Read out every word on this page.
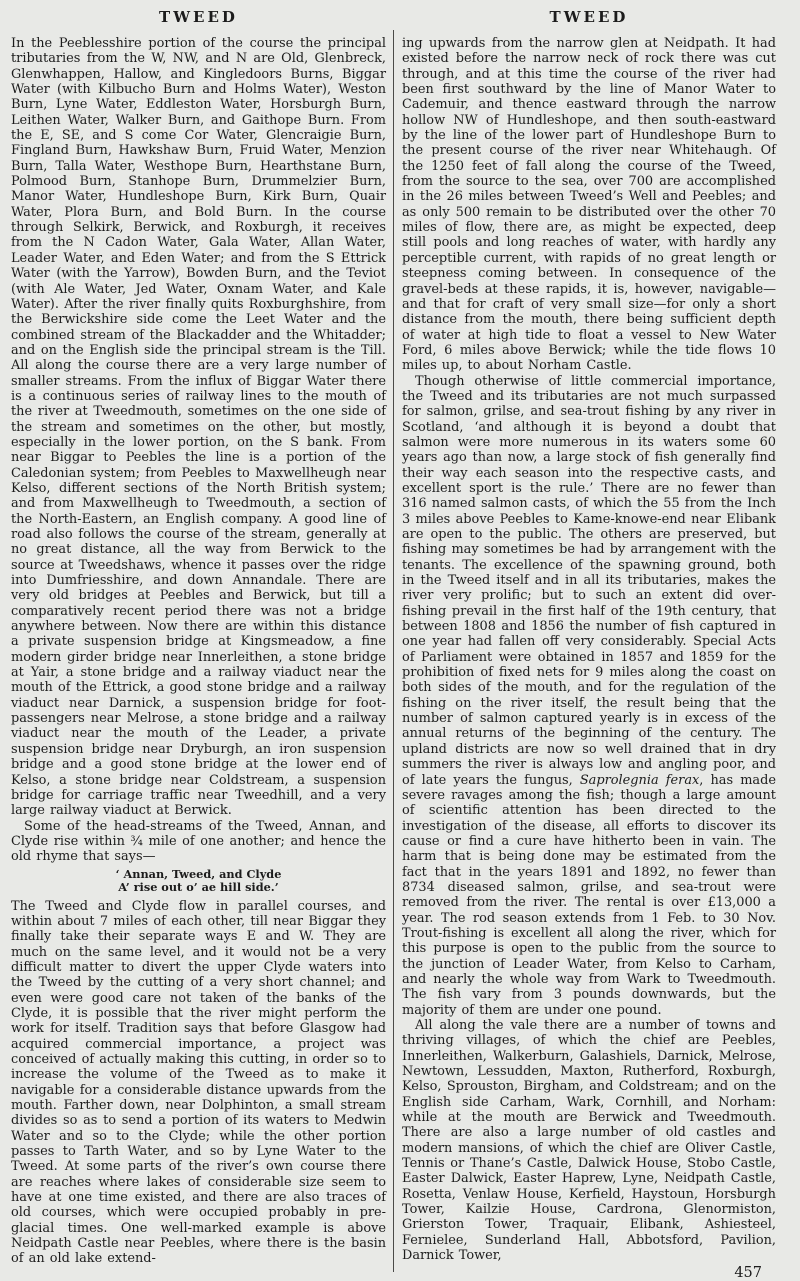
TWEED

In the Peeblesshire portion of the course the principal tributaries from the W, NW, and N are Old, Glenbreck, Glenwhappen, Hallow, and Kingledoors Burns, Biggar Water (with Kilbucho Burn and Holms Water), Weston Burn, Lyne Water, Eddleston Water, Horsburgh Burn, Leithen Water, Walker Burn, and Gaithope Burn. From the E, SE, and S come Cor Water, Glencraigie Burn, Fingland Burn, Hawkshaw Burn, Fruid Water, Menzion Burn, Talla Water, Westhope Burn, Hearthstane Burn, Polmood Burn, Stanhope Burn, Drummelzier Burn, Manor Water, Hundleshope Burn, Kirk Burn, Quair Water, Plora Burn, and Bold Burn. In the course through Selkirk, Berwick, and Roxburgh, it receives from the N Cadon Water, Gala Water, Allan Water, Leader Water, and Eden Water; and from the S Ettrick Water (with the Yarrow), Bowden Burn, and the Teviot (with Ale Water, Jed Water, Oxnam Water, and Kale Water). After the river finally quits Roxburghshire, from the Berwickshire side come the Leet Water and the combined stream of the Blackadder and the Whitadder; and on the English side the principal stream is the Till. All along the course there are a very large number of smaller streams. From the influx of Biggar Water there is a continuous series of railway lines to the mouth of the river at Tweedmouth, sometimes on the one side of the stream and sometimes on the other, but mostly, especially in the lower portion, on the S bank. From near Biggar to Peebles the line is a portion of the Caledonian system; from Peebles to Maxwellheugh near Kelso, different sections of the North British system; and from Maxwellheugh to Tweedmouth, a section of the North-Eastern, an English company. A good line of road also follows the course of the stream, generally at no great distance, all the way from Berwick to the source at Tweedshaws, whence it passes over the ridge into Dumfriesshire, and down Annandale. There are very old bridges at Peebles and Berwick, but till a comparatively recent period there was not a bridge anywhere between. Now there are within this distance a private suspension bridge at Kingsmeadow, a fine modern girder bridge near Innerleithen, a stone bridge at Yair, a stone bridge and a railway viaduct near the mouth of the Ettrick, a good stone bridge and a railway viaduct near Darnick, a suspension bridge for foot-passengers near Melrose, a stone bridge and a railway viaduct near the mouth of the Leader, a private suspension bridge near Dryburgh, an iron suspension bridge and a good stone bridge at the lower end of Kelso, a stone bridge near Coldstream, a suspension bridge for carriage traffic near Tweedhill, and a very large railway viaduct at Berwick.

Some of the head-streams of the Tweed, Annan, and Clyde rise within ¾ mile of one another; and hence the old rhyme that says—

‘ Annan, Tweed, and Clyde
A’ rise out o’ ae hill side.’

The Tweed and Clyde flow in parallel courses, and within about 7 miles of each other, till near Biggar they finally take their separate ways E and W. They are much on the same level, and it would not be a very difficult matter to divert the upper Clyde waters into the Tweed by the cutting of a very short channel; and even were good care not taken of the banks of the Clyde, it is possible that the river might perform the work for itself. Tradition says that before Glasgow had acquired commercial importance, a project was conceived of actually making this cutting, in order so to increase the volume of the Tweed as to make it navigable for a considerable distance upwards from the mouth. Farther down, near Dolphinton, a small stream divides so as to send a portion of its waters to Medwin Water and so to the Clyde; while the other portion passes to Tarth Water, and so by Lyne Water to the Tweed. At some parts of the river’s own course there are reaches where lakes of considerable size seem to have at one time existed, and there are also traces of old courses, which were occupied probably in pre-glacial times. One well-marked example is above Neidpath Castle near Peebles, where there is the basin of an old lake extend-

TWEED

ing upwards from the narrow glen at Neidpath. It had existed before the narrow neck of rock there was cut through, and at this time the course of the river had been first southward by the line of Manor Water to Cademuir, and thence eastward through the narrow hollow NW of Hundleshope, and then south-eastward by the line of the lower part of Hundleshope Burn to the present course of the river near Whitehaugh. Of the 1250 feet of fall along the course of the Tweed, from the source to the sea, over 700 are accomplished in the 26 miles between Tweed’s Well and Peebles; and as only 500 remain to be distributed over the other 70 miles of flow, there are, as might be expected, deep still pools and long reaches of water, with hardly any perceptible current, with rapids of no great length or steepness coming between. In consequence of the gravel-beds at these rapids, it is, however, navigable—and that for craft of very small size—for only a short distance from the mouth, there being sufficient depth of water at high tide to float a vessel to New Water Ford, 6 miles above Berwick; while the tide flows 10 miles up, to about Norham Castle.

Though otherwise of little commercial importance, the Tweed and its tributaries are not much surpassed for salmon, grilse, and sea-trout fishing by any river in Scotland, ‘and although it is beyond a doubt that salmon were more numerous in its waters some 60 years ago than now, a large stock of fish generally find their way each season into the respective casts, and excellent sport is the rule.’ There are no fewer than 316 named salmon casts, of which the 55 from the Inch 3 miles above Peebles to Kame-knowe-end near Elibank are open to the public. The others are preserved, but fishing may sometimes be had by arrangement with the tenants. The excellence of the spawning ground, both in the Tweed itself and in all its tributaries, makes the river very prolific; but to such an extent did over-fishing prevail in the first half of the 19th century, that between 1808 and 1856 the number of fish captured in one year had fallen off very considerably. Special Acts of Parliament were obtained in 1857 and 1859 for the prohibition of fixed nets for 9 miles along the coast on both sides of the mouth, and for the regulation of the fishing on the river itself, the result being that the number of salmon captured yearly is in excess of the annual returns of the beginning of the century. The upland districts are now so well drained that in dry summers the river is always low and angling poor, and of late years the fungus, Saprolegnia ferax, has made severe ravages among the fish; though a large amount of scientific attention has been directed to the investigation of the disease, all efforts to discover its cause or find a cure have hitherto been in vain. The harm that is being done may be estimated from the fact that in the years 1891 and 1892, no fewer than 8734 diseased salmon, grilse, and sea-trout were removed from the river. The rental is over £13,000 a year. The rod season extends from 1 Feb. to 30 Nov. Trout-fishing is excellent all along the river, which for this purpose is open to the public from the source to the junction of Leader Water, from Kelso to Carham, and nearly the whole way from Wark to Tweedmouth. The fish vary from 3 pounds downwards, but the majority of them are under one pound.

All along the vale there are a number of towns and thriving villages, of which the chief are Peebles, Innerleithen, Walkerburn, Galashiels, Darnick, Melrose, Newtown, Lessudden, Maxton, Rutherford, Roxburgh, Kelso, Sprouston, Birgham, and Coldstream; and on the English side Carham, Wark, Cornhill, and Norham: while at the mouth are Berwick and Tweedmouth. There are also a large number of old castles and modern mansions, of which the chief are Oliver Castle, Tennis or Thane’s Castle, Dalwick House, Stobo Castle, Easter Dalwick, Easter Haprew, Lyne, Neidpath Castle, Rosetta, Venlaw House, Kerfield, Haystoun, Horsburgh Tower, Kailzie House, Cardrona, Glenormiston, Grierston Tower, Traquair, Elibank, Ashiesteel, Fernielee, Sunderland Hall, Abbotsford, Pavilion, Darnick Tower,

457
